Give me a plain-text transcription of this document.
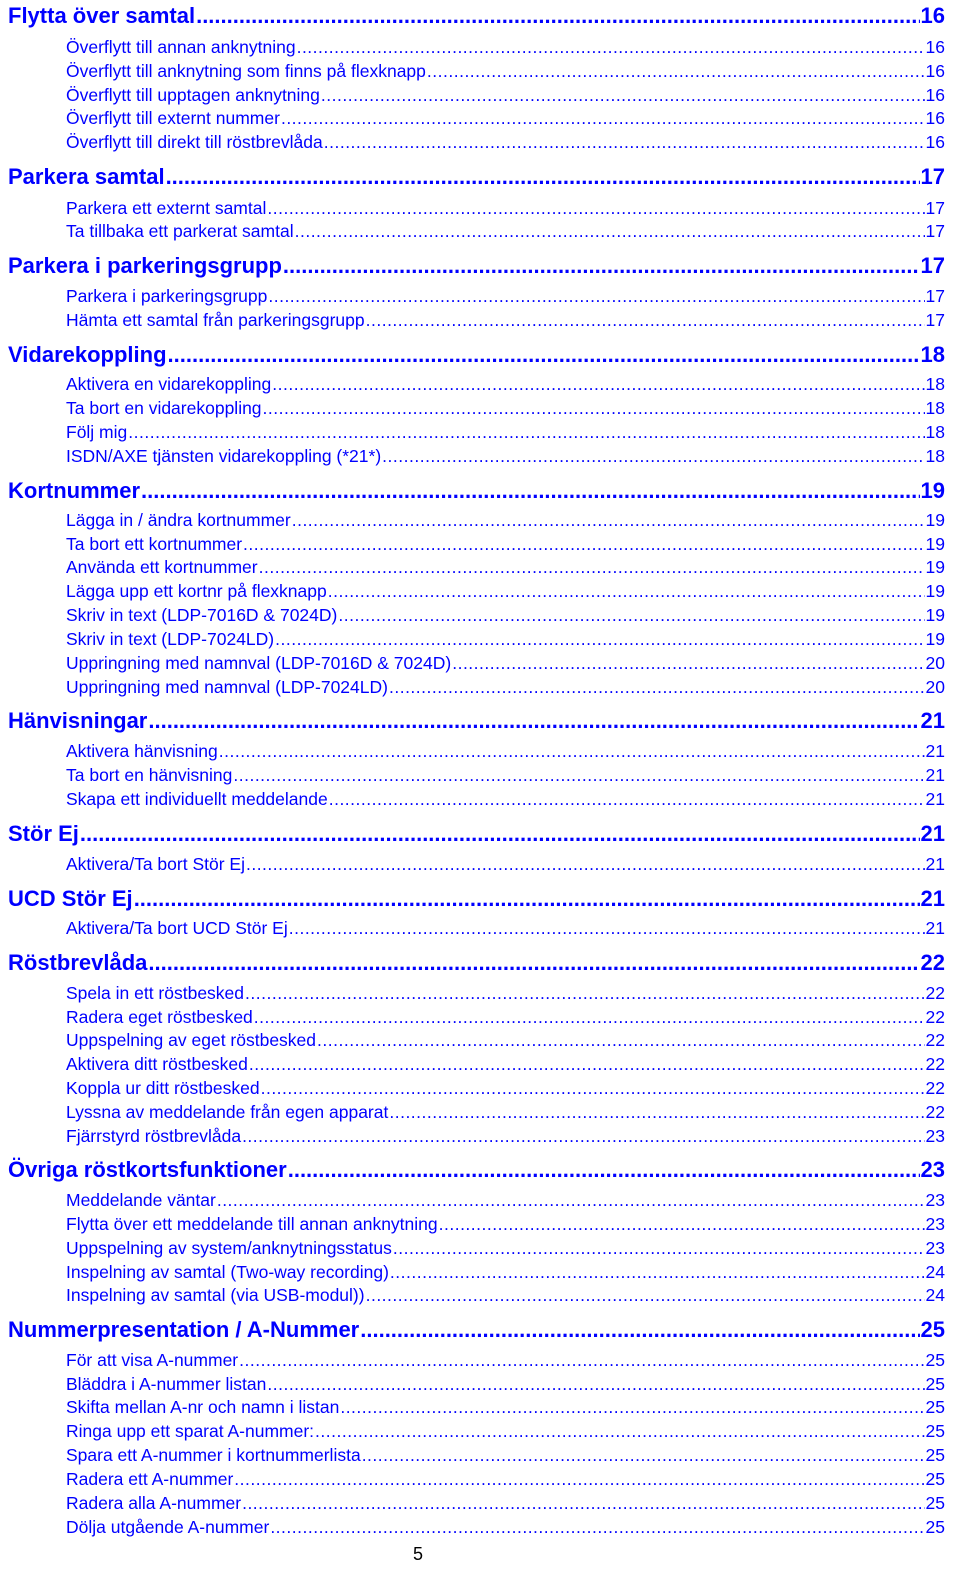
Flytta över samtal .....	16
Överflytt till annan anknytning .....	16
Överflytt till anknytning som finns på flexknapp .....	16
Överflytt till upptagen anknytning .....	16
Överflytt till externt nummer .....	16
Överflytt till direkt till röstbrevlåda .....	16
Parkera samtal .....	17
Parkera ett externt samtal .....	17
Ta tillbaka ett parkerat samtal .....	17
Parkera i parkeringsgrupp .....	17
Parkera i parkeringsgrupp .....	17
Hämta ett samtal från parkeringsgrupp .....	17
Vidarekoppling .....	18
Aktivera en vidarekoppling .....	18
Ta bort en vidarekoppling .....	18
Följ mig .....	18
ISDN/AXE tjänsten vidarekoppling (*21*) .....	18
Kortnummer .....	19
Lägga in / ändra kortnummer .....	19
Ta bort ett kortnummer .....	19
Använda ett kortnummer .....	19
Lägga upp ett kortnr på flexknapp .....	19
Skriv in text (LDP-7016D & 7024D) .....	19
Skriv in text (LDP-7024LD) .....	19
Uppringning med namnval (LDP-7016D & 7024D) .....	20
Uppringning med namnval (LDP-7024LD) .....	20
Hänvisningar .....	21
Aktivera hänvisning .....	21
Ta bort en hänvisning .....	21
Skapa ett individuellt meddelande .....	21
Stör Ej .....	21
Aktivera/Ta bort Stör Ej .....	21
UCD Stör Ej .....	21
Aktivera/Ta bort UCD Stör Ej .....	21
Röstbrevlåda .....	22
Spela in ett röstbesked .....	22
Radera eget röstbesked .....	22
Uppspelning av eget röstbesked .....	22
Aktivera ditt röstbesked .....	22
Koppla ur ditt röstbesked .....	22
Lyssna av meddelande från egen apparat .....	22
Fjärrstyrd röstbrevlåda .....	23
Övriga röstkortsfunktioner .....	23
Meddelande väntar .....	23
Flytta över ett meddelande till annan anknytning .....	23
Uppspelning av system/anknytningsstatus .....	23
Inspelning av samtal (Two-way recording) .....	24
Inspelning av samtal (via USB-modul)) .....	24
Nummerpresentation / A-Nummer .....	25
För att visa A-nummer .....	25
Bläddra i A-nummer listan .....	25
Skifta mellan A-nr och namn i listan .....	25
Ringa upp ett sparat A-nummer: .....	25
Spara ett A-nummer i kortnummerlista .....	25
Radera ett A-nummer .....	25
Radera alla A-nummer .....	25
Dölja utgående A-nummer .....	25
5
